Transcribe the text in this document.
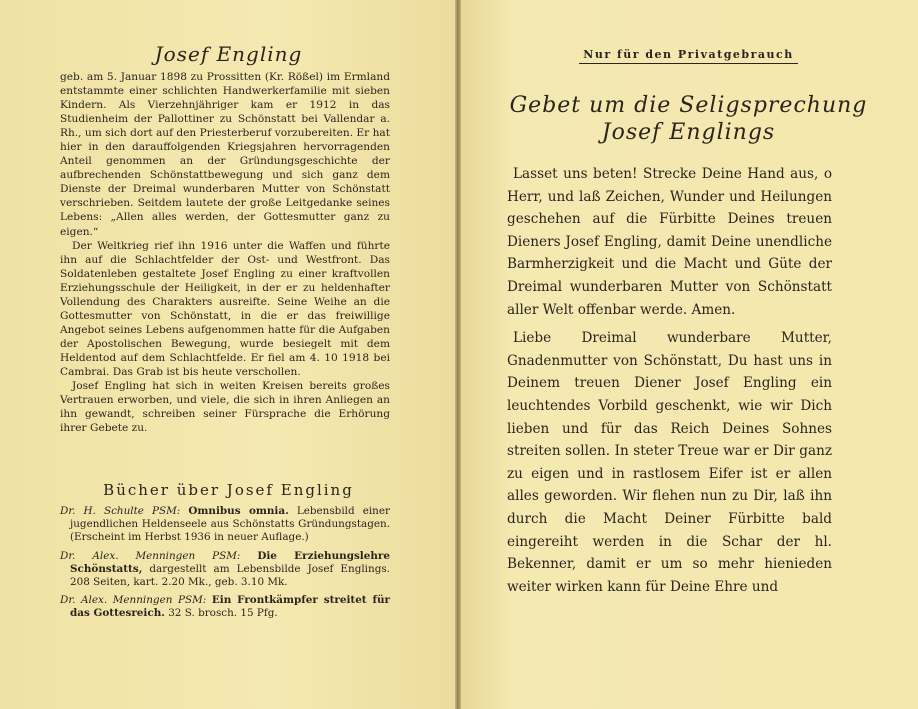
Josef Engling

geb. am 5. Januar 1898 zu Prossitten (Kr. Rößel) im Ermland entstammte einer schlichten Handwerkerfamilie mit sieben Kindern. Als Vierzehnjähriger kam er 1912 in das Studienheim der Pallottiner zu Schönstatt bei Vallendar a. Rh., um sich dort auf den Priesterberuf vorzubereiten. Er hat hier in den darauffolgenden Kriegsjahren hervorragenden Anteil genommen an der Gründungsgeschichte der aufbrechenden Schönstattbewegung und sich ganz dem Dienste der Dreimal wunderbaren Mutter von Schönstatt verschrieben. Seitdem lautete der große Leitgedanke seines Lebens: „Allen alles werden, der Gottesmutter ganz zu eigen.“

Der Weltkrieg rief ihn 1916 unter die Waffen und führte ihn auf die Schlachtfelder der Ost- und Westfront. Das Soldatenleben gestaltete Josef Engling zu einer kraftvollen Erziehungsschule der Heiligkeit, in der er zu heldenhafter Vollendung des Charakters ausreifte. Seine Weihe an die Gottesmutter von Schönstatt, in die er das freiwillige Angebot seines Lebens aufgenommen hatte für die Aufgaben der Apostolischen Bewegung, wurde besiegelt mit dem Heldentod auf dem Schlachtfelde. Er fiel am 4. 10 1918 bei Cambrai. Das Grab ist bis heute verschollen.

Josef Engling hat sich in weiten Kreisen bereits großes Vertrauen erworben, und viele, die sich in ihren Anliegen an ihn gewandt, schreiben seiner Fürsprache die Erhörung ihrer Gebete zu.

Bücher über Josef Engling

Dr. H. Schulte PSM: Omnibus omnia. Lebensbild einer jugendlichen Heldenseele aus Schönstatts Gründungstagen. (Erscheint im Herbst 1936 in neuer Auflage.)

Dr. Alex. Menningen PSM: Die Erziehungslehre Schönstatts, dargestellt am Lebensbilde Josef Englings. 208 Seiten, kart. 2.20 Mk., geb. 3.10 Mk.

Dr. Alex. Menningen PSM: Ein Frontkämpfer streitet für das Gottesreich. 32 S. brosch. 15 Pfg.

Nur für den Privatgebrauch
Gebet um die Seligsprechung
Josef Englings

Lasset uns beten! Strecke Deine Hand aus, o Herr, und laß Zeichen, Wunder und Heilungen geschehen auf die Fürbitte Deines treuen Dieners Josef Engling, damit Deine unendliche Barmherzigkeit und die Macht und Güte der Dreimal wunderbaren Mutter von Schönstatt aller Welt offenbar werde. Amen.

Liebe Dreimal wunderbare Mutter, Gnadenmutter von Schönstatt, Du hast uns in Deinem treuen Diener Josef Engling ein leuchtendes Vorbild geschenkt, wie wir Dich lieben und für das Reich Deines Sohnes streiten sollen. In steter Treue war er Dir ganz zu eigen und in rastlosem Eifer ist er allen alles geworden. Wir flehen nun zu Dir, laß ihn durch die Macht Deiner Fürbitte bald eingereiht werden in die Schar der hl. Bekenner, damit er um so mehr hienieden weiter wirken kann für Deine Ehre und
